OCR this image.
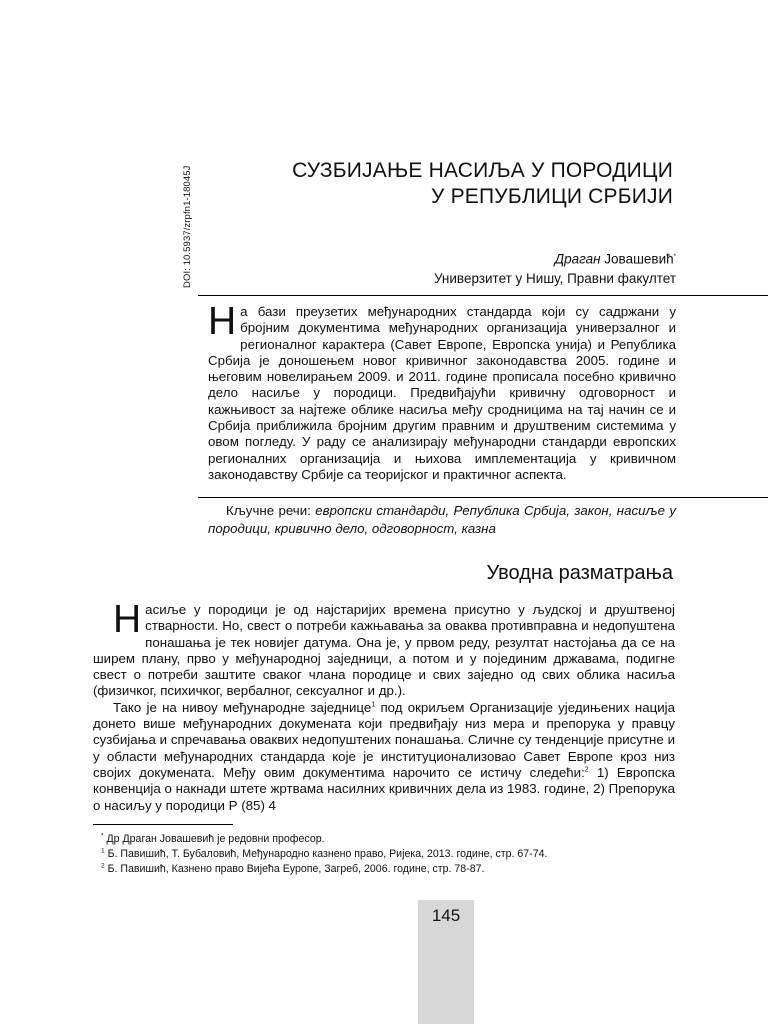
DOI: 10.5937/zrpfn1-18045J	СУЗБИЈАЊЕ НАСИЉА У ПОРОДИЦИ
У РЕПУБЛИЦИ СРБИЈИ
Драган Јовашевић*
Универзитет у Нишу, Правни факултет
На бази преузетих међународних стандарда који су садржани у бројним документима међународних организација универзалног и регионалног карактера (Савет Европе, Европска унија) и Република Србија је доношењем новог кривичног законодавства 2005. године и његовим новелирањем 2009. и 2011. године прописала посебно кривично дело насиље у породици. Предвиђајући кривичну одговорност и кажњивост за најтеже облике насиља међу сродницима на тај начин се и Србија приближила бројним другим правним и друштвеним системима у овом погледу. У раду се анализирају међународни стандарди европских регионалних организација и њихова имплементација у кривичном законодавству Србије са теоријског и практичног аспекта.
Кључне речи: европски стандарди, Република Србија, закон, насиље у породици, кривично дело, одговорност, казна
Уводна разматрања

Насиље у породици је од најстаријих времена присутно у људској и друштвеној стварности. Но, свест о потреби кажњавања за оваква противправна и недопуштена понашања је тек новијег датума. Она је, у првом реду, резултат настојања да се на ширем плану, прво у међународној заједници, а потом и у појединим државама, подигне свест о потреби заштите сваког члана породице и свих заједно од свих облика насиља (физичког, психичког, вербалног, сексуалног и др.).

Тако је на нивоу међународне заједнице$^1$ под окриљем Организације уједињених нација донето више међународних докумената који предвиђају низ мера и препорука у правцу сузбијања и спречавања оваквих недопуштених понашања. Сличне су тенденције присутне и у области међународних стандарда које је институционализовао Савет Европе кроз низ својих докумената. Међу овим документима нарочито се истичу следећи:$^2$ 1) Европска конвенција о накнади штете жртвама насилних кривичних дела из 1983. године, 2) Препорука о насиљу у породици Р (85) 4

* Др Драган Јовашевић је редовни професор.
$^1$ Б. Павишић, Т. Бубаловић, Међународно казнено право, Ријека, 2013. године, стр. 67-74.
$^2$ Б. Павишић, Казнено право Вијећа Еуропе, Загреб, 2006. године, стр. 78-87.
145
